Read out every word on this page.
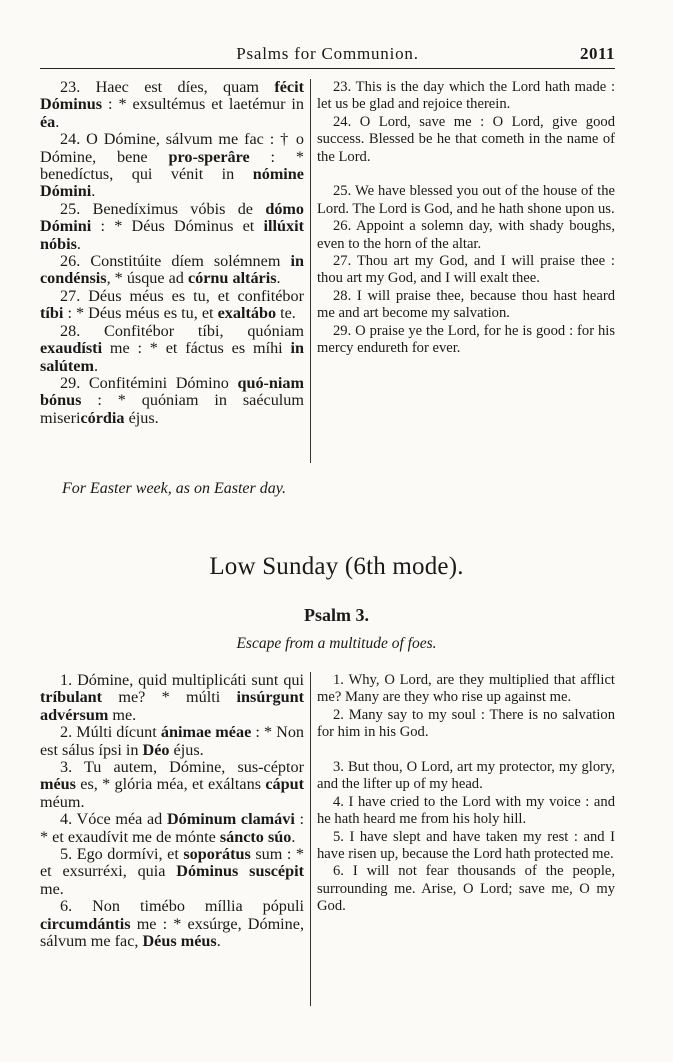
Psalms for Communion.	2011

23. Haec est díes, quam fécit Dóminus : * exsultémus et laetémur in éa.

24. O Dómine, sálvum me fac : † o Dómine, bene pro-sperâre : * benedíctus, qui vénit in nómine Dómini.

25. Benedíximus vóbis de dómo Dómini : * Déus Dóminus et illúxit nóbis.

26. Constitúite díem solémnem in condénsis, * úsque ad córnu altáris.

27. Déus méus es tu, et confitébor tíbi : * Déus méus es tu, et exaltábo te.

28. Confitébor tíbi, quóniam exaudísti me : * et fáctus es míhi in salútem.

29. Confitémini Dómino quó-niam bónus : * quóniam in saéculum misericórdia éjus.

23. This is the day which the Lord hath made : let us be glad and rejoice therein.

24. O Lord, save me : O Lord, give good success. Blessed be he that cometh in the name of the Lord.

25. We have blessed you out of the house of the Lord. The Lord is God, and he hath shone upon us.

26. Appoint a solemn day, with shady boughs, even to the horn of the altar.

27. Thou art my God, and I will praise thee : thou art my God, and I will exalt thee.

28. I will praise thee, because thou hast heard me and art become my salvation.

29. O praise ye the Lord, for he is good : for his mercy endureth for ever.

For Easter week, as on Easter day.
Low Sunday (6th mode).
Psalm 3.
Escape from a multitude of foes.

1. Dómine, quid multiplicáti sunt qui tríbulant me? * múlti insúrgunt advérsum me.

2. Múlti dícunt ánimae méae : * Non est sálus ípsi in Déo éjus.

3. Tu autem, Dómine, sus-céptor méus es, * glória méa, et exáltans cáput méum.

4. Vóce méa ad Dóminum clamávi : * et exaudívit me de mónte sáncto súo.

5. Ego dormívi, et soporátus sum : * et exsurréxi, quia Dóminus suscépit me.

6. Non timébo míllia pópuli circumdántis me : * exsúrge, Dómine, sálvum me fac, Déus méus.

1. Why, O Lord, are they multiplied that afflict me? Many are they who rise up against me.

2. Many say to my soul : There is no salvation for him in his God.

3. But thou, O Lord, art my protector, my glory, and the lifter up of my head.

4. I have cried to the Lord with my voice : and he hath heard me from his holy hill.

5. I have slept and have taken my rest : and I have risen up, because the Lord hath protected me.

6. I will not fear thousands of the people, surrounding me. Arise, O Lord; save me, O my God.
